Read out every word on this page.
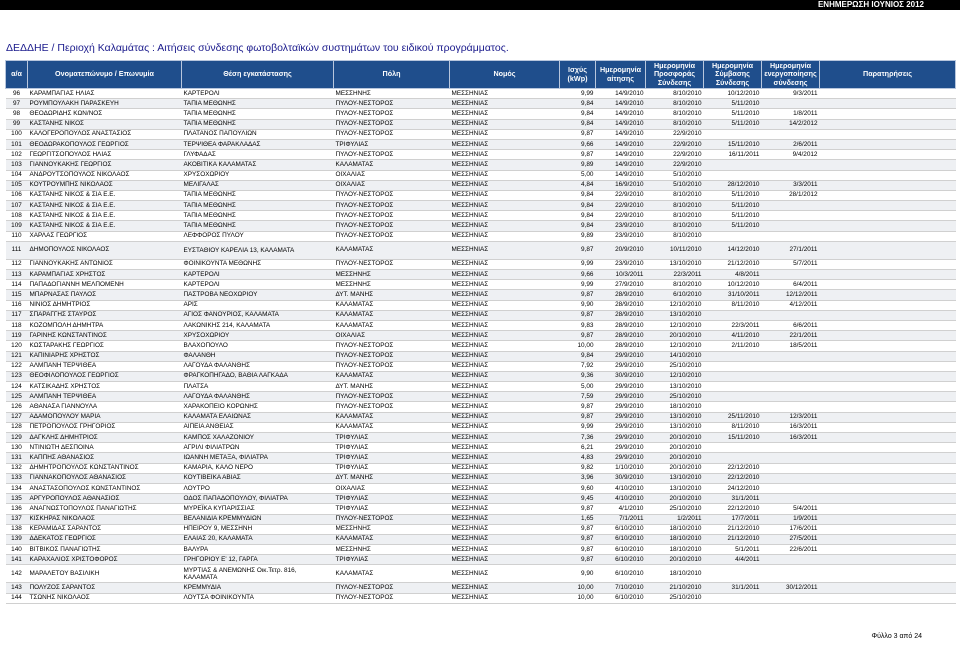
ΕΝΗΜΕΡΩΣΗ ΙΟΥΝΙΟΣ 2012
ΔΕΔΔΗΕ / Περιοχή Καλαμάτας : Αιτήσεις σύνδεσης φωτοβολταϊκών συστημάτων του ειδικού προγράμματος.
α/α	Ονοματεπώνυμο / Επωνυμία	Θέση εγκατάστασης	Πόλη	Νομός	Ισχύς (kWp)	Ημερομηνία αίτησης	Ημερομηνία Προσφοράς Σύνδεσης	Ημερομηνία Σύμβασης Σύνδεσης	Ημερομηνία ενεργοποίησης σύνδεσης	Παρατηρήσεις
96	ΚΑΡΑΜΠΑΓΙΑΣ ΗΛΙΑΣ	ΚΑΡΤΕΡΟΛΙ	ΜΕΣΣΗΝΗΣ	ΜΕΣΣΗΝΙΑΣ	9,99	14/9/2010	8/10/2010	10/12/2010	9/3/2011	
97	ΡΟΥΜΠΟΥΛΑΚΗ ΠΑΡΑΣΚΕΥΗ	ΤΑΠΙΑ ΜΕΘΩΝΗΣ	ΠΥΛΟΥ-ΝΕΣΤΟΡΟΣ	ΜΕΣΣΗΝΙΑΣ	9,84	14/9/2010	8/10/2010	5/11/2010		
98	ΘΕΟΔΩΡΙΔΗΣ ΚΩΝ/ΝΟΣ	ΤΑΠΙΑ ΜΕΘΩΝΗΣ	ΠΥΛΟΥ-ΝΕΣΤΟΡΟΣ	ΜΕΣΣΗΝΙΑΣ	9,84	14/9/2010	8/10/2010	5/11/2010	1/8/2011	
99	ΚΑΣΤΑΝΗΣ ΝΙΚΟΣ	ΤΑΠΙΑ ΜΕΘΩΝΗΣ	ΠΥΛΟΥ-ΝΕΣΤΟΡΟΣ	ΜΕΣΣΗΝΙΑΣ	9,84	14/9/2010	8/10/2010	5/11/2010	14/2/2012	
100	ΚΑΛΟΓΕΡΟΠΟΥΛΟΣ ΑΝΑΣΤΑΣΙΟΣ	ΠΛΑΤΑΝΟΣ ΠΑΠΟΥΛΙΩΝ	ΠΥΛΟΥ-ΝΕΣΤΟΡΟΣ	ΜΕΣΣΗΝΙΑΣ	9,87	14/9/2010	22/9/2010			
101	ΘΕΟΔΩΡΑΚΟΠΟΥΛΟΣ ΓΕΩΡΓΙΟΣ	ΤΕΡΨΙΘΕΑ ΦΑΡΑΚΛΑΔΑΣ	ΤΡΙΦΥΛΙΑΣ	ΜΕΣΣΗΝΙΑΣ	9,66	14/9/2010	22/9/2010	15/11/2010	2/6/2011	
102	ΓΕΩΡΓΙΤΣΟΠΟΥΛΟΣ ΗΛΙΑΣ	ΓΛΥΦΑΔΑΣ	ΠΥΛΟΥ-ΝΕΣΤΟΡΟΣ	ΜΕΣΣΗΝΙΑΣ	9,87	14/9/2010	22/9/2010	16/11/2011	9/4/2012	
103	ΓΙΑΝΝΟΥΚΑΚΗΣ ΓΕΩΡΓΙΟΣ	ΑΚΟΒΙΤΙΚΑ ΚΑΛΑΜΑΤΑΣ	ΚΑΛΑΜΑΤΑΣ	ΜΕΣΣΗΝΙΑΣ	9,89	14/9/2010	22/9/2010			
104	ΑΝΔΡΟΥΤΣΟΠΟΥΛΟΣ ΝΙΚΟΛΑΟΣ	ΧΡΥΣΟΧΩΡΙΟΥ	ΟΙΧΑΛΙΑΣ	ΜΕΣΣΗΝΙΑΣ	5,00	14/9/2010	5/10/2010			
105	ΚΟΥΤΡΟΥΜΠΗΣ ΝΙΚΟΛΑΟΣ	ΜΕΛΙΓΑΛΑΣ	ΟΙΧΑΛΙΑΣ	ΜΕΣΣΗΝΙΑΣ	4,84	16/9/2010	5/10/2010	28/12/2010	3/3/2011	
106	ΚΑΣΤΑΝΗΣ ΝΙΚΟΣ & ΣΙΑ Ε.Ε.	ΤΑΠΙΑ ΜΕΘΩΝΗΣ	ΠΥΛΟΥ-ΝΕΣΤΟΡΟΣ	ΜΕΣΣΗΝΙΑΣ	9,84	22/9/2010	8/10/2010	5/11/2010	28/1/2012	
107	ΚΑΣΤΑΝΗΣ ΝΙΚΟΣ & ΣΙΑ Ε.Ε.	ΤΑΠΙΑ ΜΕΘΩΝΗΣ	ΠΥΛΟΥ-ΝΕΣΤΟΡΟΣ	ΜΕΣΣΗΝΙΑΣ	9,84	22/9/2010	8/10/2010	5/11/2010		
108	ΚΑΣΤΑΝΗΣ ΝΙΚΟΣ & ΣΙΑ Ε.Ε.	ΤΑΠΙΑ ΜΕΘΩΝΗΣ	ΠΥΛΟΥ-ΝΕΣΤΟΡΟΣ	ΜΕΣΣΗΝΙΑΣ	9,84	22/9/2010	8/10/2010	5/11/2010		
109	ΚΑΣΤΑΝΗΣ ΝΙΚΟΣ & ΣΙΑ Ε.Ε.	ΤΑΠΙΑ ΜΕΘΩΝΗΣ	ΠΥΛΟΥ-ΝΕΣΤΟΡΟΣ	ΜΕΣΣΗΝΙΑΣ	9,84	23/9/2010	8/10/2010	5/11/2010		
110	ΧΑΡΛΑΣ ΓΕΩΡΓΙΟΣ	ΛΕΦΦΟΡΟΣ ΠΥΛΟΥ	ΠΥΛΟΥ-ΝΕΣΤΟΡΟΣ	ΜΕΣΣΗΝΙΑΣ	9,89	23/9/2010	8/10/2010			
111	ΔΗΜΟΠΟΥΛΟΣ ΝΙΚΟΛΑΟΣ	ΕΥΣΤΑΘΙΟΥ ΚΑΡΕΛΙΑ 13, ΚΑΛΑΜΑΤΑ	ΚΑΛΑΜΑΤΑΣ	ΜΕΣΣΗΝΙΑΣ	9,87	20/9/2010	10/11/2010	14/12/2010	27/1/2011	
112	ΓΙΑΝΝΟΥΚΑΚΗΣ ΑΝΤΩΝΙΟΣ	ΦΟΙΝΙΚΟΥΝΤΑ ΜΕΘΩΝΗΣ	ΠΥΛΟΥ-ΝΕΣΤΟΡΟΣ	ΜΕΣΣΗΝΙΑΣ	9,99	23/9/2010	13/10/2010	21/12/2010	5/7/2011	
113	ΚΑΡΑΜΠΑΓΙΑΣ ΧΡΗΣΤΟΣ	ΚΑΡΤΕΡΟΛΙ	ΜΕΣΣΗΝΗΣ	ΜΕΣΣΗΝΙΑΣ	9,66	10/3/2011	22/3/2011	4/8/2011		
114	ΠΑΠΑΔΟΓΙΑΝΝΗ ΜΕΛΠΟΜΕΝΗ	ΚΑΡΤΕΡΟΛΙ	ΜΕΣΣΗΝΗΣ	ΜΕΣΣΗΝΙΑΣ	9,99	27/9/2010	8/10/2010	10/12/2010	6/4/2011	
115	ΜΠΑΡΝΑΣΑΣ ΠΑΥΛΟΣ	ΠΑΣΤΡΟΒΑ ΝΕΟΧΩΡΙΟΥ	ΔΥΤ. ΜΑΝΗΣ	ΜΕΣΣΗΝΙΑΣ	9,87	28/9/2010	6/10/2010	31/10/2011	12/12/2011	
116	ΝΙΝΙΟΣ ΔΗΜΗΤΡΙΟΣ	ΑΡΙΣ	ΚΑΛΑΜΑΤΑΣ	ΜΕΣΣΗΝΙΑΣ	9,90	28/9/2010	12/10/2010	8/11/2010	4/12/2011	
117	ΣΠΑΡΑΓΓΗΣ ΣΤΑΥΡΟΣ	ΑΓΙΟΣ ΦΑΝΟΥΡΙΟΣ, ΚΑΛΑΜΑΤΑ	ΚΑΛΑΜΑΤΑΣ	ΜΕΣΣΗΝΙΑΣ	9,87	28/9/2010	13/10/2010			
118	ΚΟΖΟΜΠΟΛΗ ΔΗΜΗΤΡΑ	ΛΑΚΩΝΙΚΗΣ 214, ΚΑΛΑΜΑΤΑ	ΚΑΛΑΜΑΤΑΣ	ΜΕΣΣΗΝΙΑΣ	9,83	28/9/2010	12/10/2010	22/3/2011	6/6/2011	
119	ΓΑΡΙΝΗΣ ΚΩΝΣΤΑΝΤΙΝΟΣ	ΧΡΥΣΟΧΩΡΙΟΥ	ΟΙΧΑΛΙΑΣ	ΜΕΣΣΗΝΙΑΣ	9,87	28/9/2010	20/10/2010	4/11/2010	22/1/2011	
120	ΚΩΣΤΑΡΑΚΗΣ ΓΕΩΡΓΙΟΣ	ΒΛΑΧΟΠΟΥΛΟ	ΠΥΛΟΥ-ΝΕΣΤΟΡΟΣ	ΜΕΣΣΗΝΙΑΣ	10,00	28/9/2010	12/10/2010	2/11/2010	18/5/2011	
121	ΚΑΠΙΝΙΑΡΗΣ ΧΡΗΣΤΟΣ	ΦΑΛΑΝΘΗ	ΠΥΛΟΥ-ΝΕΣΤΟΡΟΣ	ΜΕΣΣΗΝΙΑΣ	9,84	29/9/2010	14/10/2010			
122	ΑΛΜΠΑΝΗ ΤΕΡΨΙΘΕΑ	ΛΑΓΟΥΔΑ ΦΑΛΑΝΘΗΣ	ΠΥΛΟΥ-ΝΕΣΤΟΡΟΣ	ΜΕΣΣΗΝΙΑΣ	7,92	29/9/2010	25/10/2010			
123	ΘΕΟΦΙΛΟΠΟΥΛΟΣ ΓΕΩΡΓΙΟΣ	ΦΡΑΓΚΟΠΗΓΑΔΟ, ΒΑΘΙΑ ΛΑΓΚΑΔΑ	ΚΑΛΑΜΑΤΑΣ	ΜΕΣΣΗΝΙΑΣ	9,36	30/9/2010	12/10/2010			
124	ΚΑΤΣΙΚΑΔΗΣ ΧΡΗΣΤΟΣ	ΠΛΑΤΣΑ	ΔΥΤ. ΜΑΝΗΣ	ΜΕΣΣΗΝΙΑΣ	5,00	29/9/2010	13/10/2010			
125	ΑΛΜΠΑΝΗ ΤΕΡΨΙΘΕΑ	ΛΑΓΟΥΔΑ ΦΑΛΑΝΘΗΣ	ΠΥΛΟΥ-ΝΕΣΤΟΡΟΣ	ΜΕΣΣΗΝΙΑΣ	7,59	29/9/2010	25/10/2010			
126	ΑΘΑΝΑΣΑ ΓΙΑΝΝΟΥΛΑ	ΧΑΡΑΚΟΠΕΙΟ ΚΟΡΩΝΗΣ	ΠΥΛΟΥ-ΝΕΣΤΟΡΟΣ	ΜΕΣΣΗΝΙΑΣ	9,87	29/9/2010	18/10/2010			
127	ΑΔΑΜΟΠΟΥΛΟΥ ΜΑΡΙΑ	ΚΑΛΑΜΑΤΑ ΕΛΑΙΩΝΑΣ	ΚΑΛΑΜΑΤΑΣ	ΜΕΣΣΗΝΙΑΣ	9,87	29/9/2010	13/10/2010	25/11/2010	12/3/2011	
128	ΠΕΤΡΟΠΟΥΛΟΣ ΓΡΗΓΟΡΙΟΣ	ΑΙΠΕΙΑ ΑΝΘΕΙΑΣ	ΚΑΛΑΜΑΤΑΣ	ΜΕΣΣΗΝΙΑΣ	9,99	29/9/2010	13/10/2010	8/11/2010	16/3/2011	
129	ΔΑΓΚΛΗΣ ΔΗΜΗΤΡΙΟΣ	ΚΑΜΠΟΣ ΧΑΛΑΖΟΝΙΟΥ	ΤΡΙΦΥΛΙΑΣ	ΜΕΣΣΗΝΙΑΣ	7,36	29/9/2010	20/10/2010	15/11/2010	16/3/2011	
130	ΝΤΙΝΙΩΤΗ ΔΕΣΠΟΙΝΑ	ΑΓΡΙΛΙ ΦΙΛΙΑΤΡΩΝ	ΤΡΙΦΥΛΙΑΣ	ΜΕΣΣΗΝΙΑΣ	6,21	29/9/2010	20/10/2010			
131	ΚΑΠΠΗΣ ΑΘΑΝΑΣΙΟΣ	ΙΩΑΝΝΗ ΜΕΤΑΞΑ, ΦΙΛΙΑΤΡΑ	ΤΡΙΦΥΛΙΑΣ	ΜΕΣΣΗΝΙΑΣ	4,83	29/9/2010	20/10/2010			
132	ΔΗΜΗΤΡΟΠΟΥΛΟΣ ΚΩΝΣΤΑΝΤΙΝΟΣ	ΚΑΜΑΡΙΑ, ΚΑΛΟ ΝΕΡΟ	ΤΡΙΦΥΛΙΑΣ	ΜΕΣΣΗΝΙΑΣ	9,82	1/10/2010	20/10/2010	22/12/2010		
133	ΓΙΑΝΝΑΚΟΠΟΥΛΟΣ ΑΘΑΝΑΣΙΟΣ	ΚΟΥΤΙΒΕΪΚΑ ΑΒΙΑΣ	ΔΥΤ. ΜΑΝΗΣ	ΜΕΣΣΗΝΙΑΣ	3,96	30/9/2010	13/10/2010	22/12/2010		
134	ΑΝΑΣΤΑΣΟΠΟΥΛΟΣ ΚΩΝΣΤΑΝΤΙΝΟΣ	ΛΟΥΤΡΟ	ΟΙΧΑΛΙΑΣ	ΜΕΣΣΗΝΙΑΣ	9,60	4/10/2010	13/10/2010	24/12/2010		
135	ΑΡΓΥΡΟΠΟΥΛΟΣ ΑΘΑΝΑΣΙΟΣ	ΟΔΟΣ ΠΑΠΑΔΟΠΟΥΛΟΥ, ΦΙΛΙΑΤΡΑ	ΤΡΙΦΥΛΙΑΣ	ΜΕΣΣΗΝΙΑΣ	9,45	4/10/2010	20/10/2010	31/1/2011		
136	ΑΝΑΓΝΩΣΤΟΠΟΥΛΟΣ ΠΑΝΑΓΙΩΤΗΣ	ΜΥΡΕΪΚΑ ΚΥΠΑΡΙΣΣΙΑΣ	ΤΡΙΦΥΛΙΑΣ	ΜΕΣΣΗΝΙΑΣ	9,87	4/1/2010	25/10/2010	22/12/2010	5/4/2011	
137	ΚΙΣΚΗΡΑΣ ΝΙΚΟΛΑΟΣ	ΒΕΛΑΝΙΔΙΑ ΚΡΕΜΜΥΔΙΩΝ	ΠΥΛΟΥ-ΝΕΣΤΟΡΟΣ	ΜΕΣΣΗΝΙΑΣ	1,65	7/1/2011	1/2/2011	17/7/2011	1/9/2011	
138	ΚΕΡΑΜΙΔΑΣ ΣΑΡΑΝΤΟΣ	ΗΠΕΙΡΟΥ 9, ΜΕΣΣΗΝΗ	ΜΕΣΣΗΝΗΣ	ΜΕΣΣΗΝΙΑΣ	9,87	6/10/2010	18/10/2010	21/12/2010	17/6/2011	
139	ΔΔΕΚΑΤΟΣ ΓΕΩΡΓΙΟΣ	ΕΛΑΙΑΣ 20, ΚΑΛΑΜΑΤΑ	ΚΑΛΑΜΑΤΑΣ	ΜΕΣΣΗΝΙΑΣ	9,87	6/10/2010	18/10/2010	21/12/2010	27/5/2011	
140	ΒΙΤΒΙΚΟΣ ΠΑΝΑΓΙΩΤΗΣ	ΒΑΛΥΡΑ	ΜΕΣΣΗΝΗΣ	ΜΕΣΣΗΝΙΑΣ	9,87	6/10/2010	18/10/2010	5/1/2011	22/6/2011	
141	ΚΑΡΑΧΑΛΙΟΣ ΧΡΙΣΤΟΦΟΡΟΣ	ΓΡΗΓΟΡΙΟΥ Ε' 12, ΓΑΡΓΑ	ΤΡΙΦΥΛΙΑΣ	ΜΕΣΣΗΝΙΑΣ	9,87	6/10/2010	20/10/2010	4/4/2011		
142	ΜΑΡΑΛΕΤΟΥ ΒΑΣΙΛΙΚΗ	ΜΥΡΤΙΑΣ & ΑΝΕΜΩΝΗΣ Οικ.Τετρ. 816, ΚΑΛΑΜΑΤΑ	ΚΑΛΑΜΑΤΑΣ	ΜΕΣΣΗΝΙΑΣ	9,90	6/10/2010	18/10/2010			
143	ΠΟΛΥΖΟΣ ΣΑΡΑΝΤΟΣ	ΚΡΕΜΜΥΔΙΑ	ΠΥΛΟΥ-ΝΕΣΤΟΡΟΣ	ΜΕΣΣΗΝΙΑΣ	10,00	7/10/2010	21/10/2010	31/1/2011	30/12/2011	
144	ΤΣΩΝΗΣ ΝΙΚΟΛΑΟΣ	ΛΟΥΤΣΑ ΦΟΙΝΙΚΟΥΝΤΑ	ΠΥΛΟΥ-ΝΕΣΤΟΡΟΣ	ΜΕΣΣΗΝΙΑΣ	10,00	6/10/2010	25/10/2010			
Φύλλο 3 από 24
